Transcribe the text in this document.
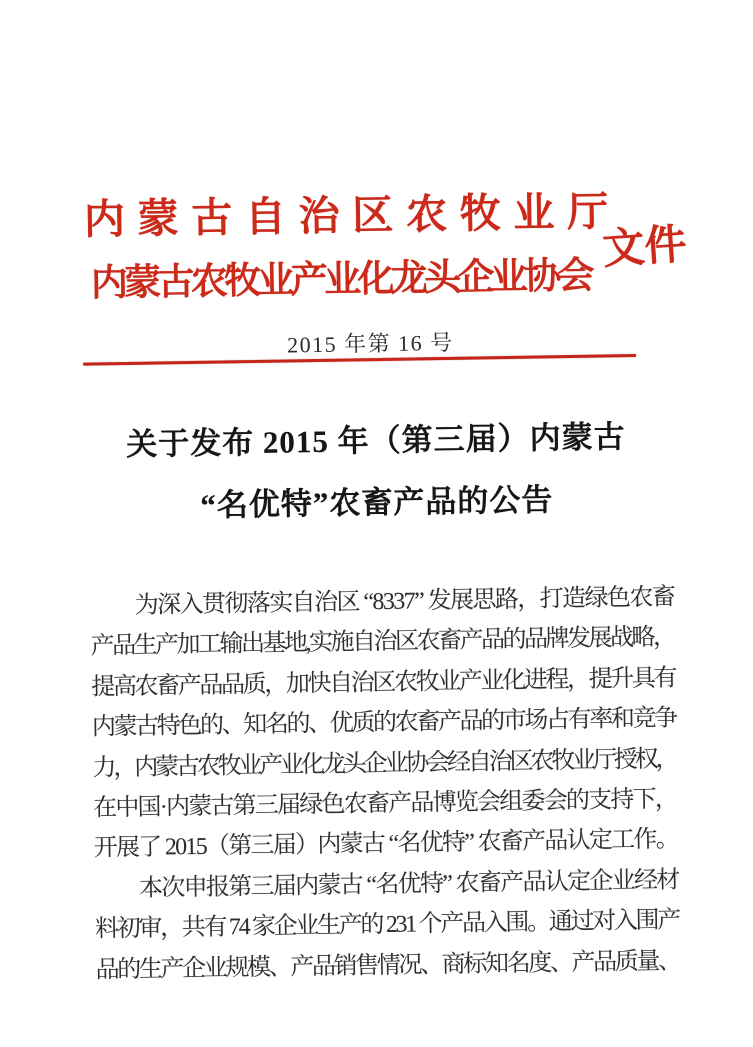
内蒙古自治区农牧业厅
内蒙古农牧业产业化龙头企业协会
文件
2015 年第 16 号
关于发布 2015 年（第三届）内蒙古
“名优特”农畜产品的公告
　　为深入贯彻落实自治区 “8337” 发展思路，打造绿色农畜
产品生产加工输出基地,实施自治区农畜产品的品牌发展战略，
提高农畜产品品质，加快自治区农牧业产业化进程，提升具有
内蒙古特色的、知名的、优质的农畜产品的市场占有率和竞争
力，内蒙古农牧业产业化龙头企业协会经自治区农牧业厅授权，
在中国·内蒙古第三届绿色农畜产品博览会组委会的支持下，
开展了 2015（第三届）内蒙古 “名优特” 农畜产品认定工作。
　　本次申报第三届内蒙古 “名优特” 农畜产品认定企业经材
料初审，共有 74 家企业生产的 231 个产品入围。通过对入围产
品的生产企业规模、产品销售情况、商标知名度、产品质量、
